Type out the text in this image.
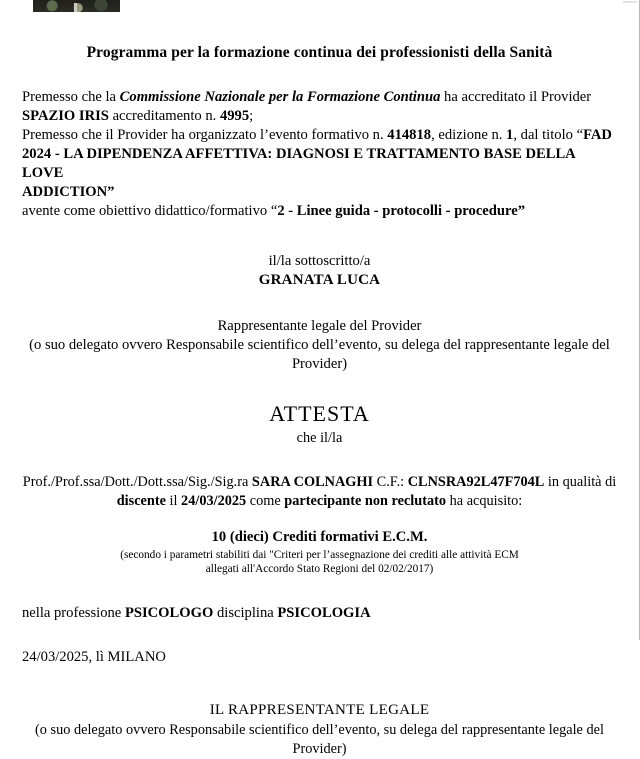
Programma per la formazione continua dei professionisti della Sanità
Premesso che la Commissione Nazionale per la Formazione Continua ha accreditato il Provider
SPAZIO IRIS accreditamento n. 4995;
Premesso che il Provider ha organizzato l’evento formativo n. 414818, edizione n. 1, dal titolo “FAD
2024 - LA DIPENDENZA AFFETTIVA: DIAGNOSI E TRATTAMENTO BASE DELLA LOVE
ADDICTION”
avente come obiettivo didattico/formativo “2 - Linee guida - protocolli - procedure”
il/la sottoscritto/a
GRANATA LUCA
Rappresentante legale del Provider
(o suo delegato ovvero Responsabile scientifico dell’evento, su delega del rappresentante legale del
Provider)
ATTESTA
che il/la
Prof./Prof.ssa/Dott./Dott.ssa/Sig./Sig.ra SARA COLNAGHI C.F.: CLNSRA92L47F704L in qualità di discente il 24/03/2025 come partecipante non reclutato ha acquisito:
10 (dieci) Crediti formativi E.C.M.
(secondo i parametri stabiliti dai "Criteri per l’assegnazione dei crediti alle attività ECM
allegati all'Accordo Stato Regioni del 02/02/2017)
nella professione PSICOLOGO disciplina PSICOLOGIA
24/03/2025, lì MILANO
IL RAPPRESENTANTE LEGALE
(o suo delegato ovvero Responsabile scientifico dell’evento, su delega del rappresentante legale del
Provider)
